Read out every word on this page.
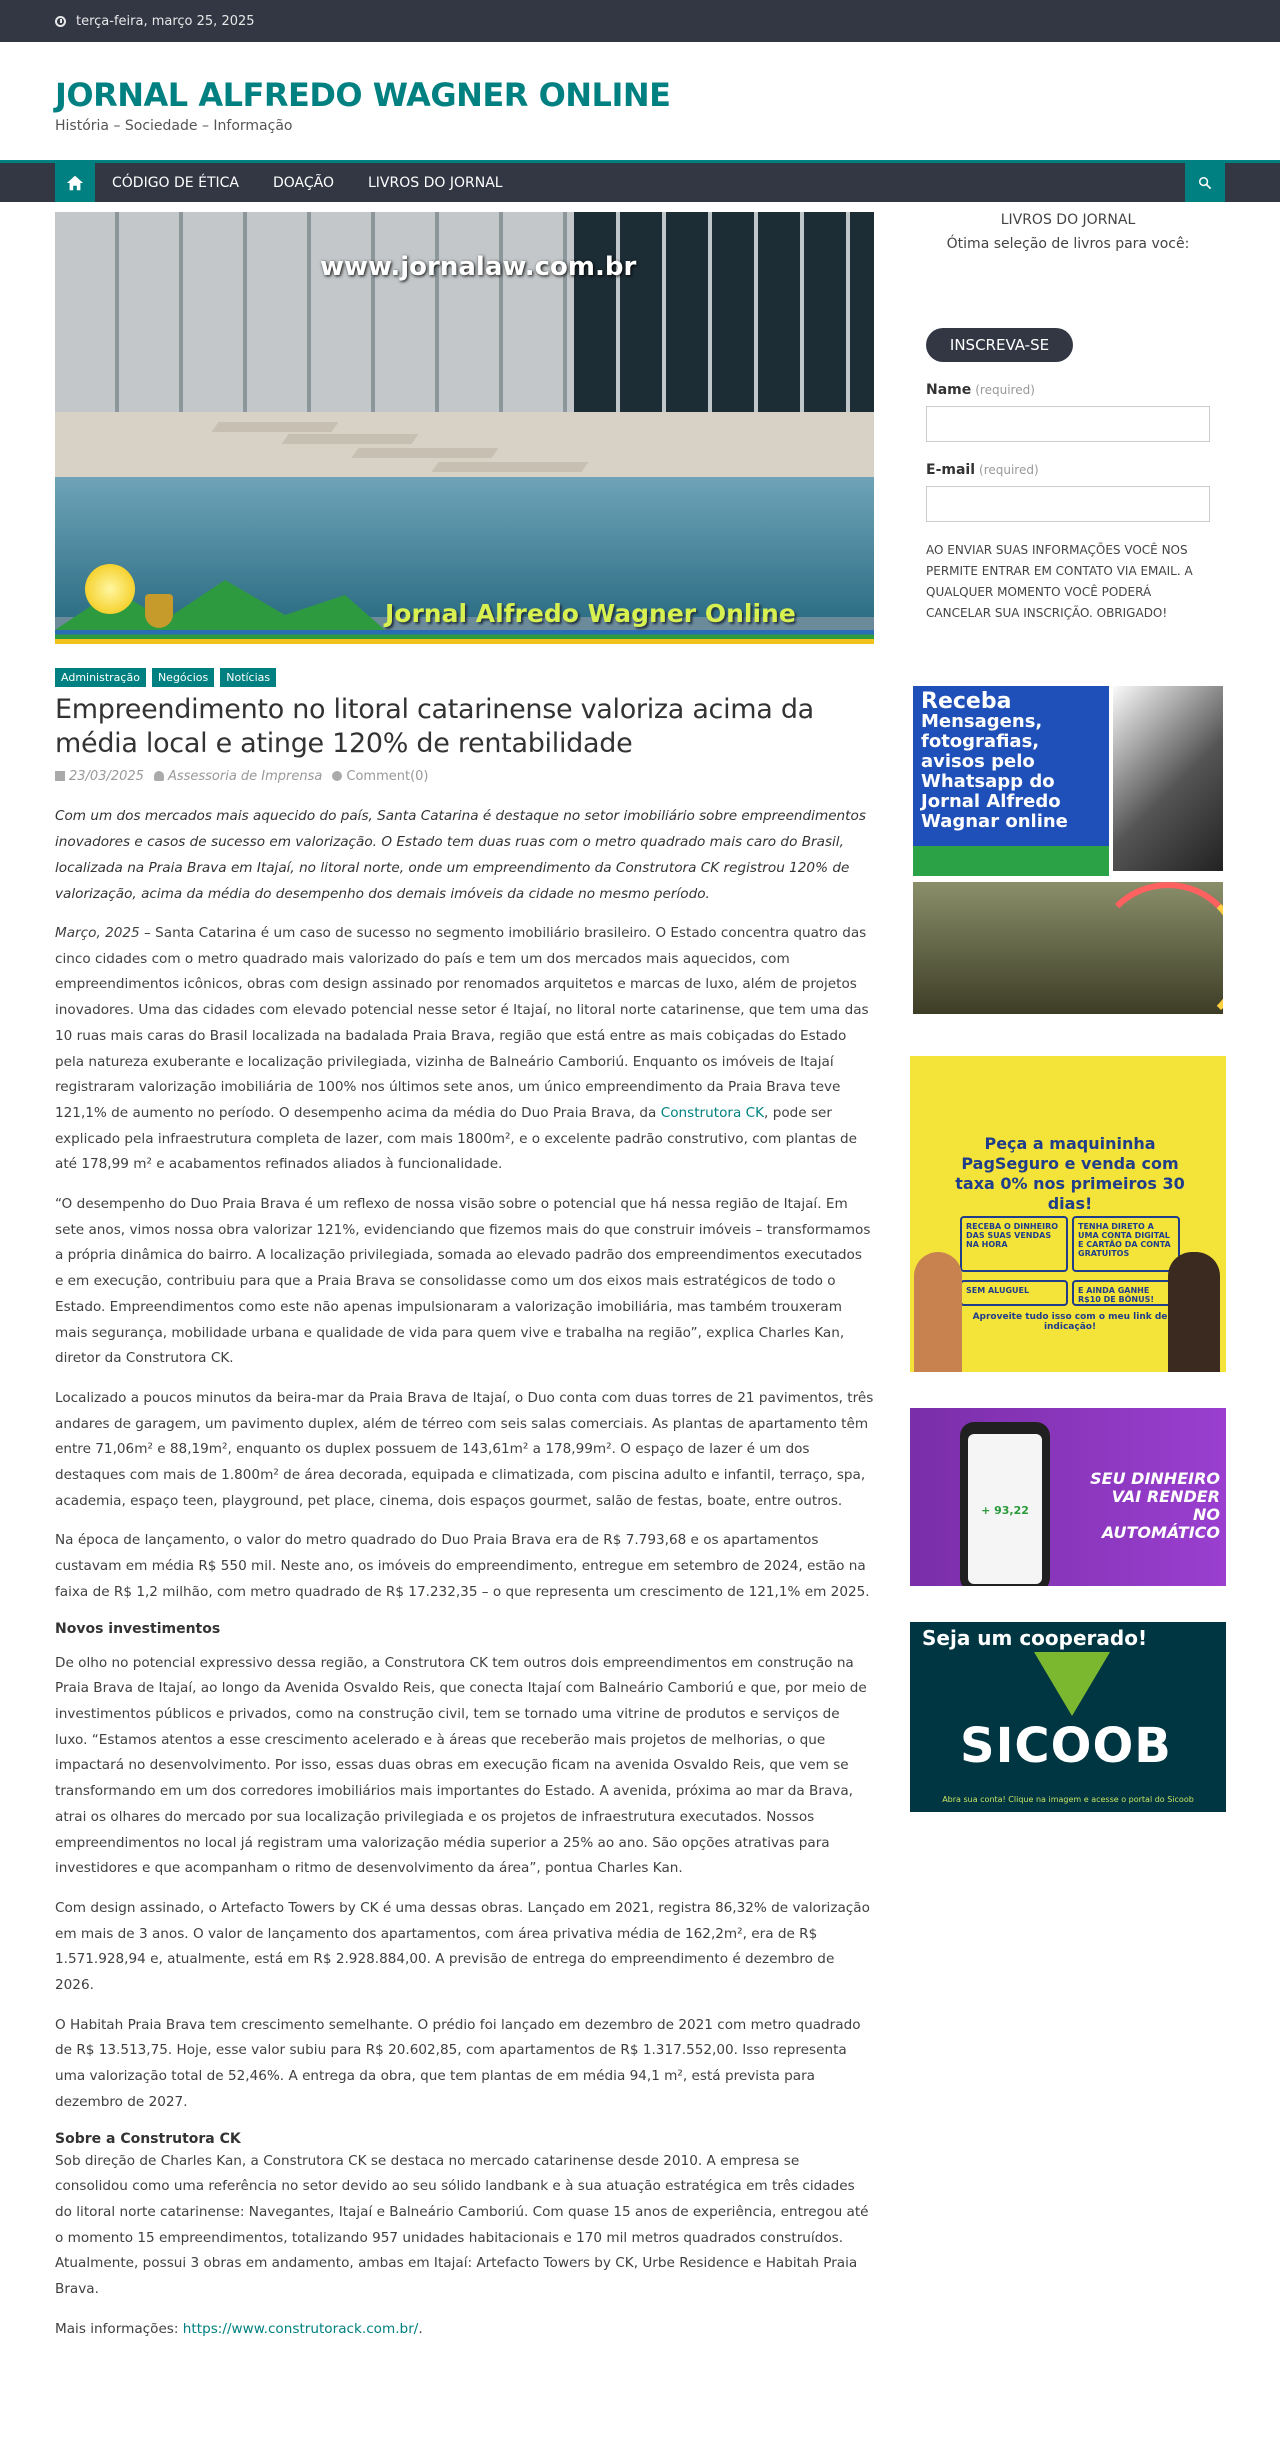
terça-feira, março 25, 2025
JORNAL ALFREDO WAGNER ONLINE

História – Sociedade – Informação

CÓDIGO DE ÉTICA	DOAÇÃO	LIVROS DO JORNAL
www.jornalaw.com.br
Jornal Alfredo Wagner Online
Administração	Negócios	Notícias
Empreendimento no litoral catarinense valoriza acima da média local e atinge 120% de rentabilidade
23/03/2025	Assessoria de Imprensa	Comment(0)

Com um dos mercados mais aquecido do país, Santa Catarina é destaque no setor imobiliário sobre empreendimentos inovadores e casos de sucesso em valorização. O Estado tem duas ruas com o metro quadrado mais caro do Brasil, localizada na Praia Brava em Itajaí, no litoral norte, onde um empreendimento da Construtora CK registrou 120% de valorização, acima da média do desempenho dos demais imóveis da cidade no mesmo período.

Março, 2025 – Santa Catarina é um caso de sucesso no segmento imobiliário brasileiro. O Estado concentra quatro das cinco cidades com o metro quadrado mais valorizado do país e tem um dos mercados mais aquecidos, com empreendimentos icônicos, obras com design assinado por renomados arquitetos e marcas de luxo, além de projetos inovadores. Uma das cidades com elevado potencial nesse setor é Itajaí, no litoral norte catarinense, que tem uma das 10 ruas mais caras do Brasil localizada na badalada Praia Brava, região que está entre as mais cobiçadas do Estado pela natureza exuberante e localização privilegiada, vizinha de Balneário Camboriú. Enquanto os imóveis de Itajaí registraram valorização imobiliária de 100% nos últimos sete anos, um único empreendimento da Praia Brava teve 121,1% de aumento no período. O desempenho acima da média do Duo Praia Brava, da Construtora CK, pode ser explicado pela infraestrutura completa de lazer, com mais 1800m², e o excelente padrão construtivo, com plantas de até 178,99 m² e acabamentos refinados aliados à funcionalidade.

“O desempenho do Duo Praia Brava é um reflexo de nossa visão sobre o potencial que há nessa região de Itajaí. Em sete anos, vimos nossa obra valorizar 121%, evidenciando que fizemos mais do que construir imóveis – transformamos a própria dinâmica do bairro. A localização privilegiada, somada ao elevado padrão dos empreendimentos executados e em execução, contribuiu para que a Praia Brava se consolidasse como um dos eixos mais estratégicos de todo o Estado. Empreendimentos como este não apenas impulsionaram a valorização imobiliária, mas também trouxeram mais segurança, mobilidade urbana e qualidade de vida para quem vive e trabalha na região”, explica Charles Kan, diretor da Construtora CK.

Localizado a poucos minutos da beira-mar da Praia Brava de Itajaí, o Duo conta com duas torres de 21 pavimentos, três andares de garagem, um pavimento duplex, além de térreo com seis salas comerciais. As plantas de apartamento têm entre 71,06m² e 88,19m², enquanto os duplex possuem de 143,61m² a 178,99m². O espaço de lazer é um dos destaques com mais de 1.800m² de área decorada, equipada e climatizada, com piscina adulto e infantil, terraço, spa, academia, espaço teen, playground, pet place, cinema, dois espaços gourmet, salão de festas, boate, entre outros.

Na época de lançamento, o valor do metro quadrado do Duo Praia Brava era de R$ 7.793,68 e os apartamentos custavam em média R$ 550 mil. Neste ano, os imóveis do empreendimento, entregue em setembro de 2024, estão na faixa de R$ 1,2 milhão, com metro quadrado de R$ 17.232,35 – o que representa um crescimento de 121,1% em 2025.

Novos investimentos

De olho no potencial expressivo dessa região, a Construtora CK tem outros dois empreendimentos em construção na Praia Brava de Itajaí, ao longo da Avenida Osvaldo Reis, que conecta Itajaí com Balneário Camboriú e que, por meio de investimentos públicos e privados, como na construção civil, tem se tornado uma vitrine de produtos e serviços de luxo. “Estamos atentos a esse crescimento acelerado e à áreas que receberão mais projetos de melhorias, o que impactará no desenvolvimento. Por isso, essas duas obras em execução ficam na avenida Osvaldo Reis, que vem se transformando em um dos corredores imobiliários mais importantes do Estado. A avenida, próxima ao mar da Brava, atrai os olhares do mercado por sua localização privilegiada e os projetos de infraestrutura executados. Nossos empreendimentos no local já registram uma valorização média superior a 25% ao ano. São opções atrativas para investidores e que acompanham o ritmo de desenvolvimento da área”, pontua Charles Kan.

Com design assinado, o Artefacto Towers by CK é uma dessas obras. Lançado em 2021, registra 86,32% de valorização em mais de 3 anos. O valor de lançamento dos apartamentos, com área privativa média de 162,2m², era de R$ 1.571.928,94 e, atualmente, está em R$ 2.928.884,00. A previsão de entrega do empreendimento é dezembro de 2026.

O Habitah Praia Brava tem crescimento semelhante. O prédio foi lançado em dezembro de 2021 com metro quadrado de R$ 13.513,75. Hoje, esse valor subiu para R$ 20.602,85, com apartamentos de R$ 1.317.552,00. Isso representa uma valorização total de 52,46%. A entrega da obra, que tem plantas de em média 94,1 m², está prevista para dezembro de 2027.

Sobre a Construtora CK

Sob direção de Charles Kan, a Construtora CK se destaca no mercado catarinense desde 2010. A empresa se consolidou como uma referência no setor devido ao seu sólido landbank e à sua atuação estratégica em três cidades do litoral norte catarinense: Navegantes, Itajaí e Balneário Camboriú. Com quase 15 anos de experiência, entregou até o momento 15 empreendimentos, totalizando 957 unidades habitacionais e 170 mil metros quadrados construídos. Atualmente, possui 3 obras em andamento, ambas em Itajaí: Artefacto Towers by CK, Urbe Residence e Habitah Praia Brava.

Mais informações: https://www.construtorack.com.br/.

LIVROS DO JORNAL
Ótima seleção de livros para você:
INSCREVA-SE
Name (required)
E-mail (required)

AO ENVIAR SUAS INFORMAÇÕES VOCÊ NOS PERMITE ENTRAR EM CONTATO VIA EMAIL. A QUALQUER MOMENTO VOCÊ PODERÁ CANCELAR SUA INSCRIÇÃO. OBRIGADO!

Receba
Mensagens, fotografias, avisos pelo Whatsapp do Jornal Alfredo Wagnar online
Peça a maquininha PagSeguro e venda com taxa 0% nos primeiros 30 dias!
RECEBA O DINHEIRO DAS SUAS VENDAS NA HORA
TENHA DIRETO A UMA CONTA DIGITAL E CARTÃO DA CONTA GRATUITOS
SEM ALUGUEL	E AINDA GANHE R$10 DE BÔNUS!
Aproveite tudo isso com o meu link de indicação!
+ 93,22
SEU DINHEIRO VAI RENDER NO AUTOMÁTICO
Seja um cooperado!
SICOOB
Abra sua conta! Clique na imagem e acesse o portal do Sicoob
